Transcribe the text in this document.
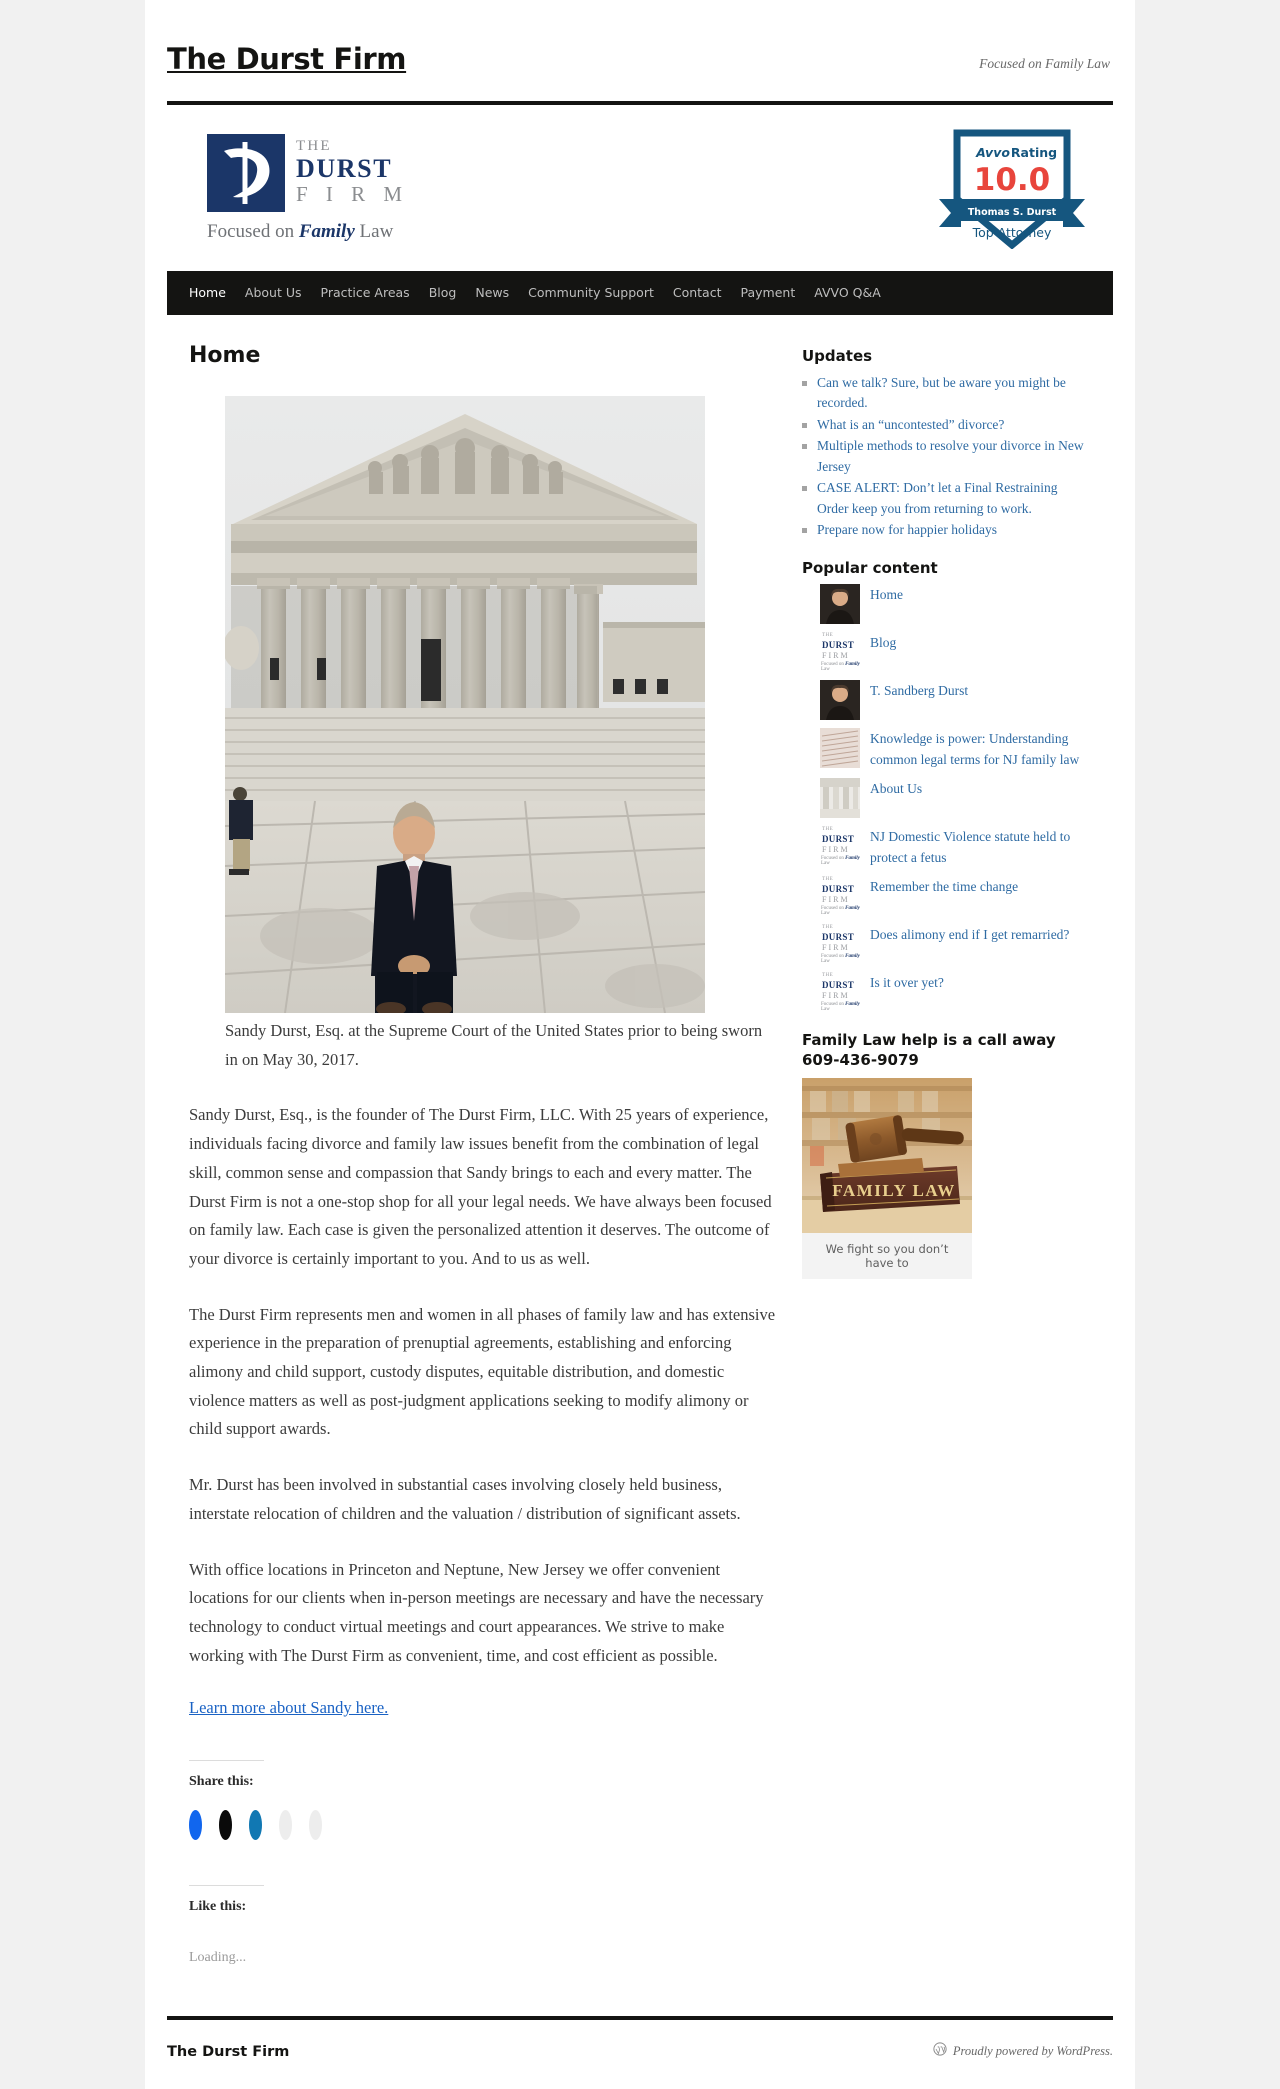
The Durst Firm	Focused on Family Law
THE
DURST
F I R M
Focused on Family Law
Avvo Rating
10.0
Thomas S. Durst
Top Attorney
Home About Us Practice Areas Blog News Community Support Contact Payment AVVO Q&A
Home
Sandy Durst, Esq. at the Supreme Court of the United States prior to being sworn in on May 30, 2017.

Sandy Durst, Esq., is the founder of The Durst Firm, LLC. With 25 years of experience, individuals facing divorce and family law issues benefit from the combination of legal skill, common sense and compassion that Sandy brings to each and every matter. The Durst Firm is not a one-stop shop for all your legal needs. We have always been focused on family law. Each case is given the personalized attention it deserves. The outcome of your divorce is certainly important to you. And to us as well.

The Durst Firm represents men and women in all phases of family law and has extensive experience in the preparation of prenuptial agreements, establishing and enforcing alimony and child support, custody disputes, equitable distribution, and domestic violence matters as well as post-judgment applications seeking to modify alimony or child support awards.

Mr. Durst has been involved in substantial cases involving closely held business, interstate relocation of children and the valuation / distribution of significant assets.

With office locations in Princeton and Neptune, New Jersey we offer convenient locations for our clients when in-person meetings are necessary and have the necessary technology to conduct virtual meetings and court appearances. We strive to make working with The Durst Firm as convenient, time, and cost efficient as possible.

Learn more about Sandy here.
Share this:
Like this:
Loading...
Updates
Can we talk? Sure, but be aware you might be recorded.
What is an “uncontested” divorce?
Multiple methods to resolve your divorce in New Jersey
CASE ALERT: Don’t let a Final Restraining Order keep you from returning to work.
Prepare now for happier holidays
Popular content
Home
THE
DURST
FIRM
Focused on Family Law
Blog
T. Sandberg Durst
Knowledge is power: Understanding common legal terms for NJ family law
About Us
THE
DURST
FIRM
Focused on Family Law
NJ Domestic Violence statute held to protect a fetus
THE
DURST
FIRM
Focused on Family Law
Remember the time change
THE
DURST
FIRM
Focused on Family Law
Does alimony end if I get remarried?
THE
DURST
FIRM
Focused on Family Law
Is it over yet?
Family Law help is a call away 609-436-9079
FAMILY LAW
We fight so you don’t have to
The Durst Firm	Proudly powered by WordPress.
